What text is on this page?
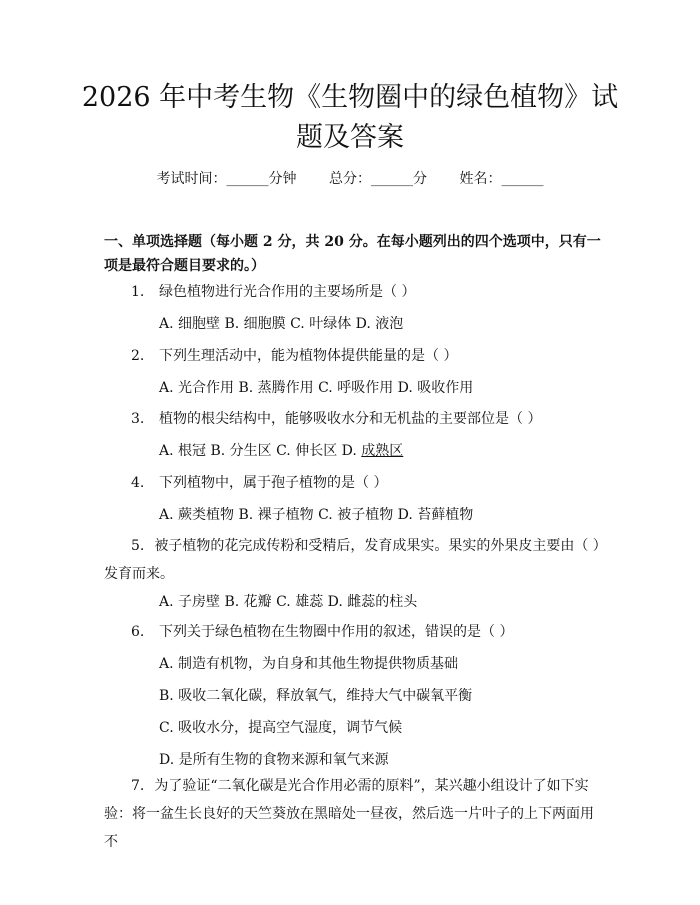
2026 年中考生物《生物圈中的绿色植物》试
题及答案
考试时间：______分钟 总分：______分 姓名：______

一、单项选择题（每小题 2 分，共 20 分。在每小题列出的四个选项中，只有一项是最符合题目要求的。）

1. 绿色植物进行光合作用的主要场所是（ ）
A. 细胞壁 B. 细胞膜 C. 叶绿体 D. 液泡
2. 下列生理活动中，能为植物体提供能量的是（ ）
A. 光合作用 B. 蒸腾作用 C. 呼吸作用 D. 吸收作用
3. 植物的根尖结构中，能够吸收水分和无机盐的主要部位是（ ）
A. 根冠 B. 分生区 C. 伸长区 D. 成熟区
4. 下列植物中，属于孢子植物的是（ ）
A. 蕨类植物 B. 裸子植物 C. 被子植物 D. 苔藓植物

5. 被子植物的花完成传粉和受精后，发育成果实。果实的外果皮主要由（ ）发育而来。

A. 子房壁 B. 花瓣 C. 雄蕊 D. 雌蕊的柱头
6. 下列关于绿色植物在生物圈中作用的叙述，错误的是（ ）
A. 制造有机物，为自身和其他生物提供物质基础
B. 吸收二氧化碳，释放氧气，维持大气中碳氧平衡
C. 吸收水分，提高空气湿度，调节气候
D. 是所有生物的食物来源和氧气来源

7. 为了验证“二氧化碳是光合作用必需的原料”，某兴趣小组设计了如下实验：将一盆生长良好的天竺葵放在黑暗处一昼夜，然后选一片叶子的上下两面用不
